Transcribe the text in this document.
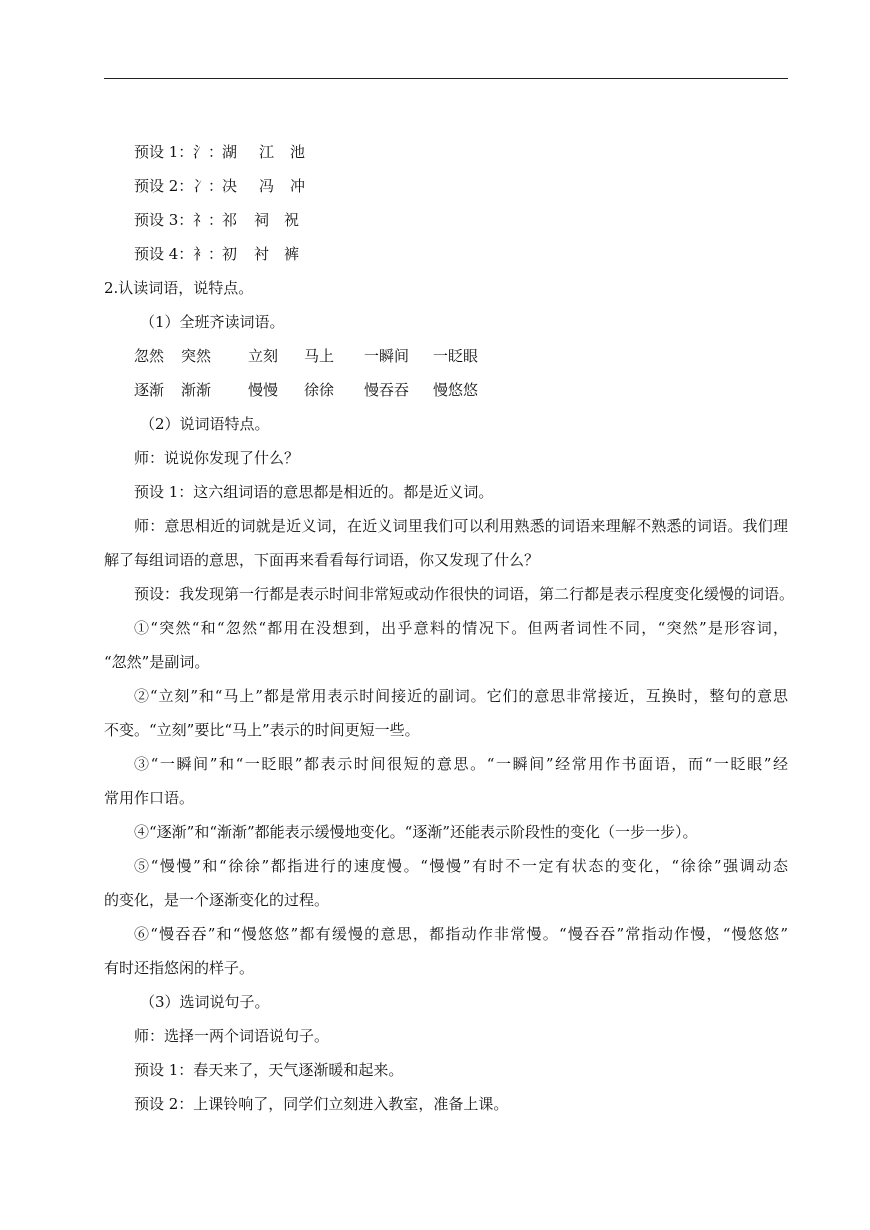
预设 1： 氵：
湖 江 池
预设 2： 冫：
决 冯 冲
预设 3： 礻：
祁 祠 祝
预设 4： 衤：
初 衬 裤
2.认读词语，说特点。
（1）全班齐读词语。
忽然 突然 立刻 马上 一瞬间 一眨眼
逐渐 渐渐 慢慢 徐徐 慢吞吞 慢悠悠
（2）说词语特点。
师：说说你发现了什么？
预设 1：这六组词语的意思都是相近的。都是近义词。
师：意思相近的词就是近义词，在近义词里我们可以利用熟悉的词语来理解不熟悉的词语。我们理
解了每组词语的意思，下面再来看看每行词语，你又发现了什么？
预设：我发现第一行都是表示时间非常短或动作很快的词语，第二行都是表示程度变化缓慢的词语。
①“突然“和“忽然“都用在没想到，出乎意料的情况下。但两者词性不同，“突然”是形容词，
“忽然”是副词。
②“立刻”和“马上”都是常用表示时间接近的副词。它们的意思非常接近，互换时，整句的意思
不变。“立刻”要比“马上”表示的时间更短一些。
③“一瞬间”和“一眨眼”都表示时间很短的意思。“一瞬间”经常用作书面语，而“一眨眼”经
常用作口语。
④“逐渐”和“渐渐”都能表示缓慢地变化。“逐渐”还能表示阶段性的变化（一步一步）。
⑤“慢慢”和“徐徐”都指进行的速度慢。“慢慢”有时不一定有状态的变化，“徐徐”强调动态
的变化，是一个逐渐变化的过程。
⑥“慢吞吞”和“慢悠悠”都有缓慢的意思，都指动作非常慢。“慢吞吞”常指动作慢，“慢悠悠”
有时还指悠闲的样子。
（3）选词说句子。
师：选择一两个词语说句子。
预设 1：春天来了，天气逐渐暖和起来。
预设 2：上课铃响了，同学们立刻进入教室，准备上课。
